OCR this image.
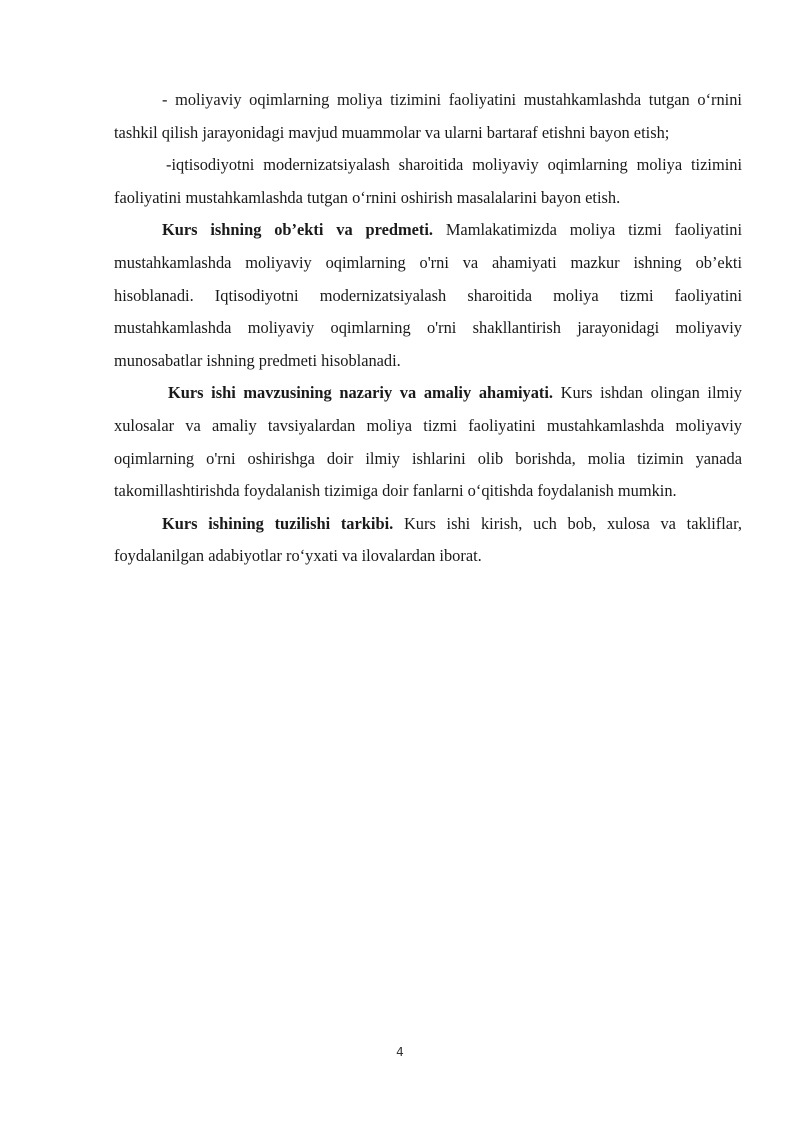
- moliyaviy oqimlarning moliya tizimini faoliyatini mustahkamlashda tutgan o‘rnini tashkil qilish jarayonidagi mavjud muammolar va ularni bartaraf etishni bayon etish;

-iqtisodiyotni modernizatsiyalash sharoitida moliyaviy oqimlarning moliya tizimini faoliyatini mustahkamlashda tutgan o‘rnini oshirish masalalarini bayon etish.

Kurs ishning ob’ekti va predmeti. Mamlakatimizda moliya tizmi faoliyatini mustahkamlashda moliyaviy oqimlarning o'rni va ahamiyati mazkur ishning ob’ekti hisoblanadi. Iqtisodiyotni modernizatsiyalash sharoitida moliya tizmi faoliyatini mustahkamlashda moliyaviy oqimlarning o'rni shakllantirish jarayonidagi moliyaviy munosabatlar ishning predmeti hisoblanadi.

Kurs ishi mavzusining nazariy va amaliy ahamiyati. Kurs ishdan olingan ilmiy xulosalar va amaliy tavsiyalardan moliya tizmi faoliyatini mustahkamlashda moliyaviy oqimlarning o'rni oshirishga doir ilmiy ishlarini olib borishda, molia tizimin yanada takomillashtirishda foydalanish tizimiga doir fanlarni o‘qitishda foydalanish mumkin.

Kurs ishining tuzilishi tarkibi. Kurs ishi kirish, uch bob, xulosa va takliflar, foydalanilgan adabiyotlar ro‘yxati va ilovalardan iborat.

4
